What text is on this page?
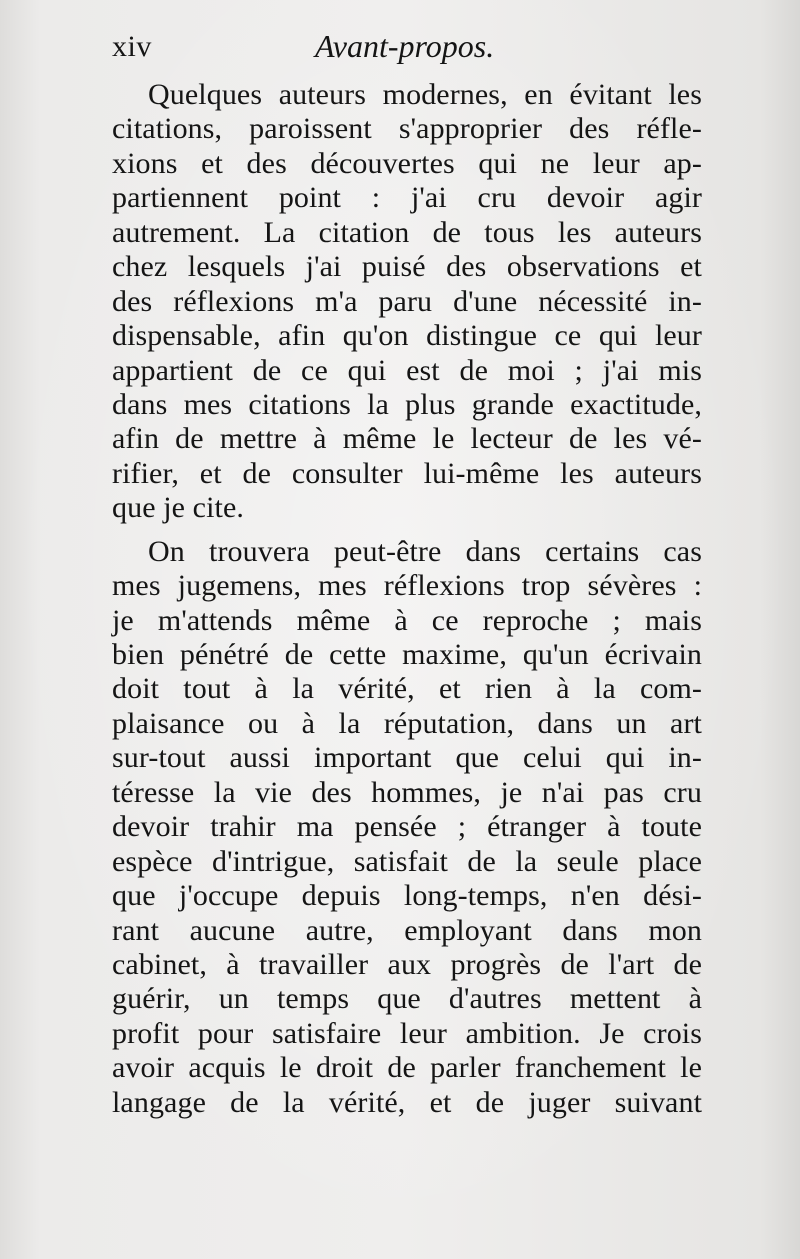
xiv	Avant-propos.
Quelques auteurs modernes, en évitant les
citations, paroissent s'approprier des réfle-
xions et des découvertes qui ne leur ap-
partiennent point : j'ai cru devoir agir
autrement. La citation de tous les auteurs
chez lesquels j'ai puisé des observations et
des réflexions m'a paru d'une nécessité in-
dispensable, afin qu'on distingue ce qui leur
appartient de ce qui est de moi ; j'ai mis
dans mes citations la plus grande exactitude,
afin de mettre à même le lecteur de les vé-
rifier, et de consulter lui-même les auteurs
que je cite.
On trouvera peut-être dans certains cas
mes jugemens, mes réflexions trop sévères :
je m'attends même à ce reproche ; mais
bien pénétré de cette maxime, qu'un écrivain
doit tout à la vérité, et rien à la com-
plaisance ou à la réputation, dans un art
sur-tout aussi important que celui qui in-
téresse la vie des hommes, je n'ai pas cru
devoir trahir ma pensée ; étranger à toute
espèce d'intrigue, satisfait de la seule place
que j'occupe depuis long-temps, n'en dési-
rant aucune autre, employant dans mon
cabinet, à travailler aux progrès de l'art de
guérir, un temps que d'autres mettent à
profit pour satisfaire leur ambition. Je crois
avoir acquis le droit de parler franchement le
langage de la vérité, et de juger suivant
